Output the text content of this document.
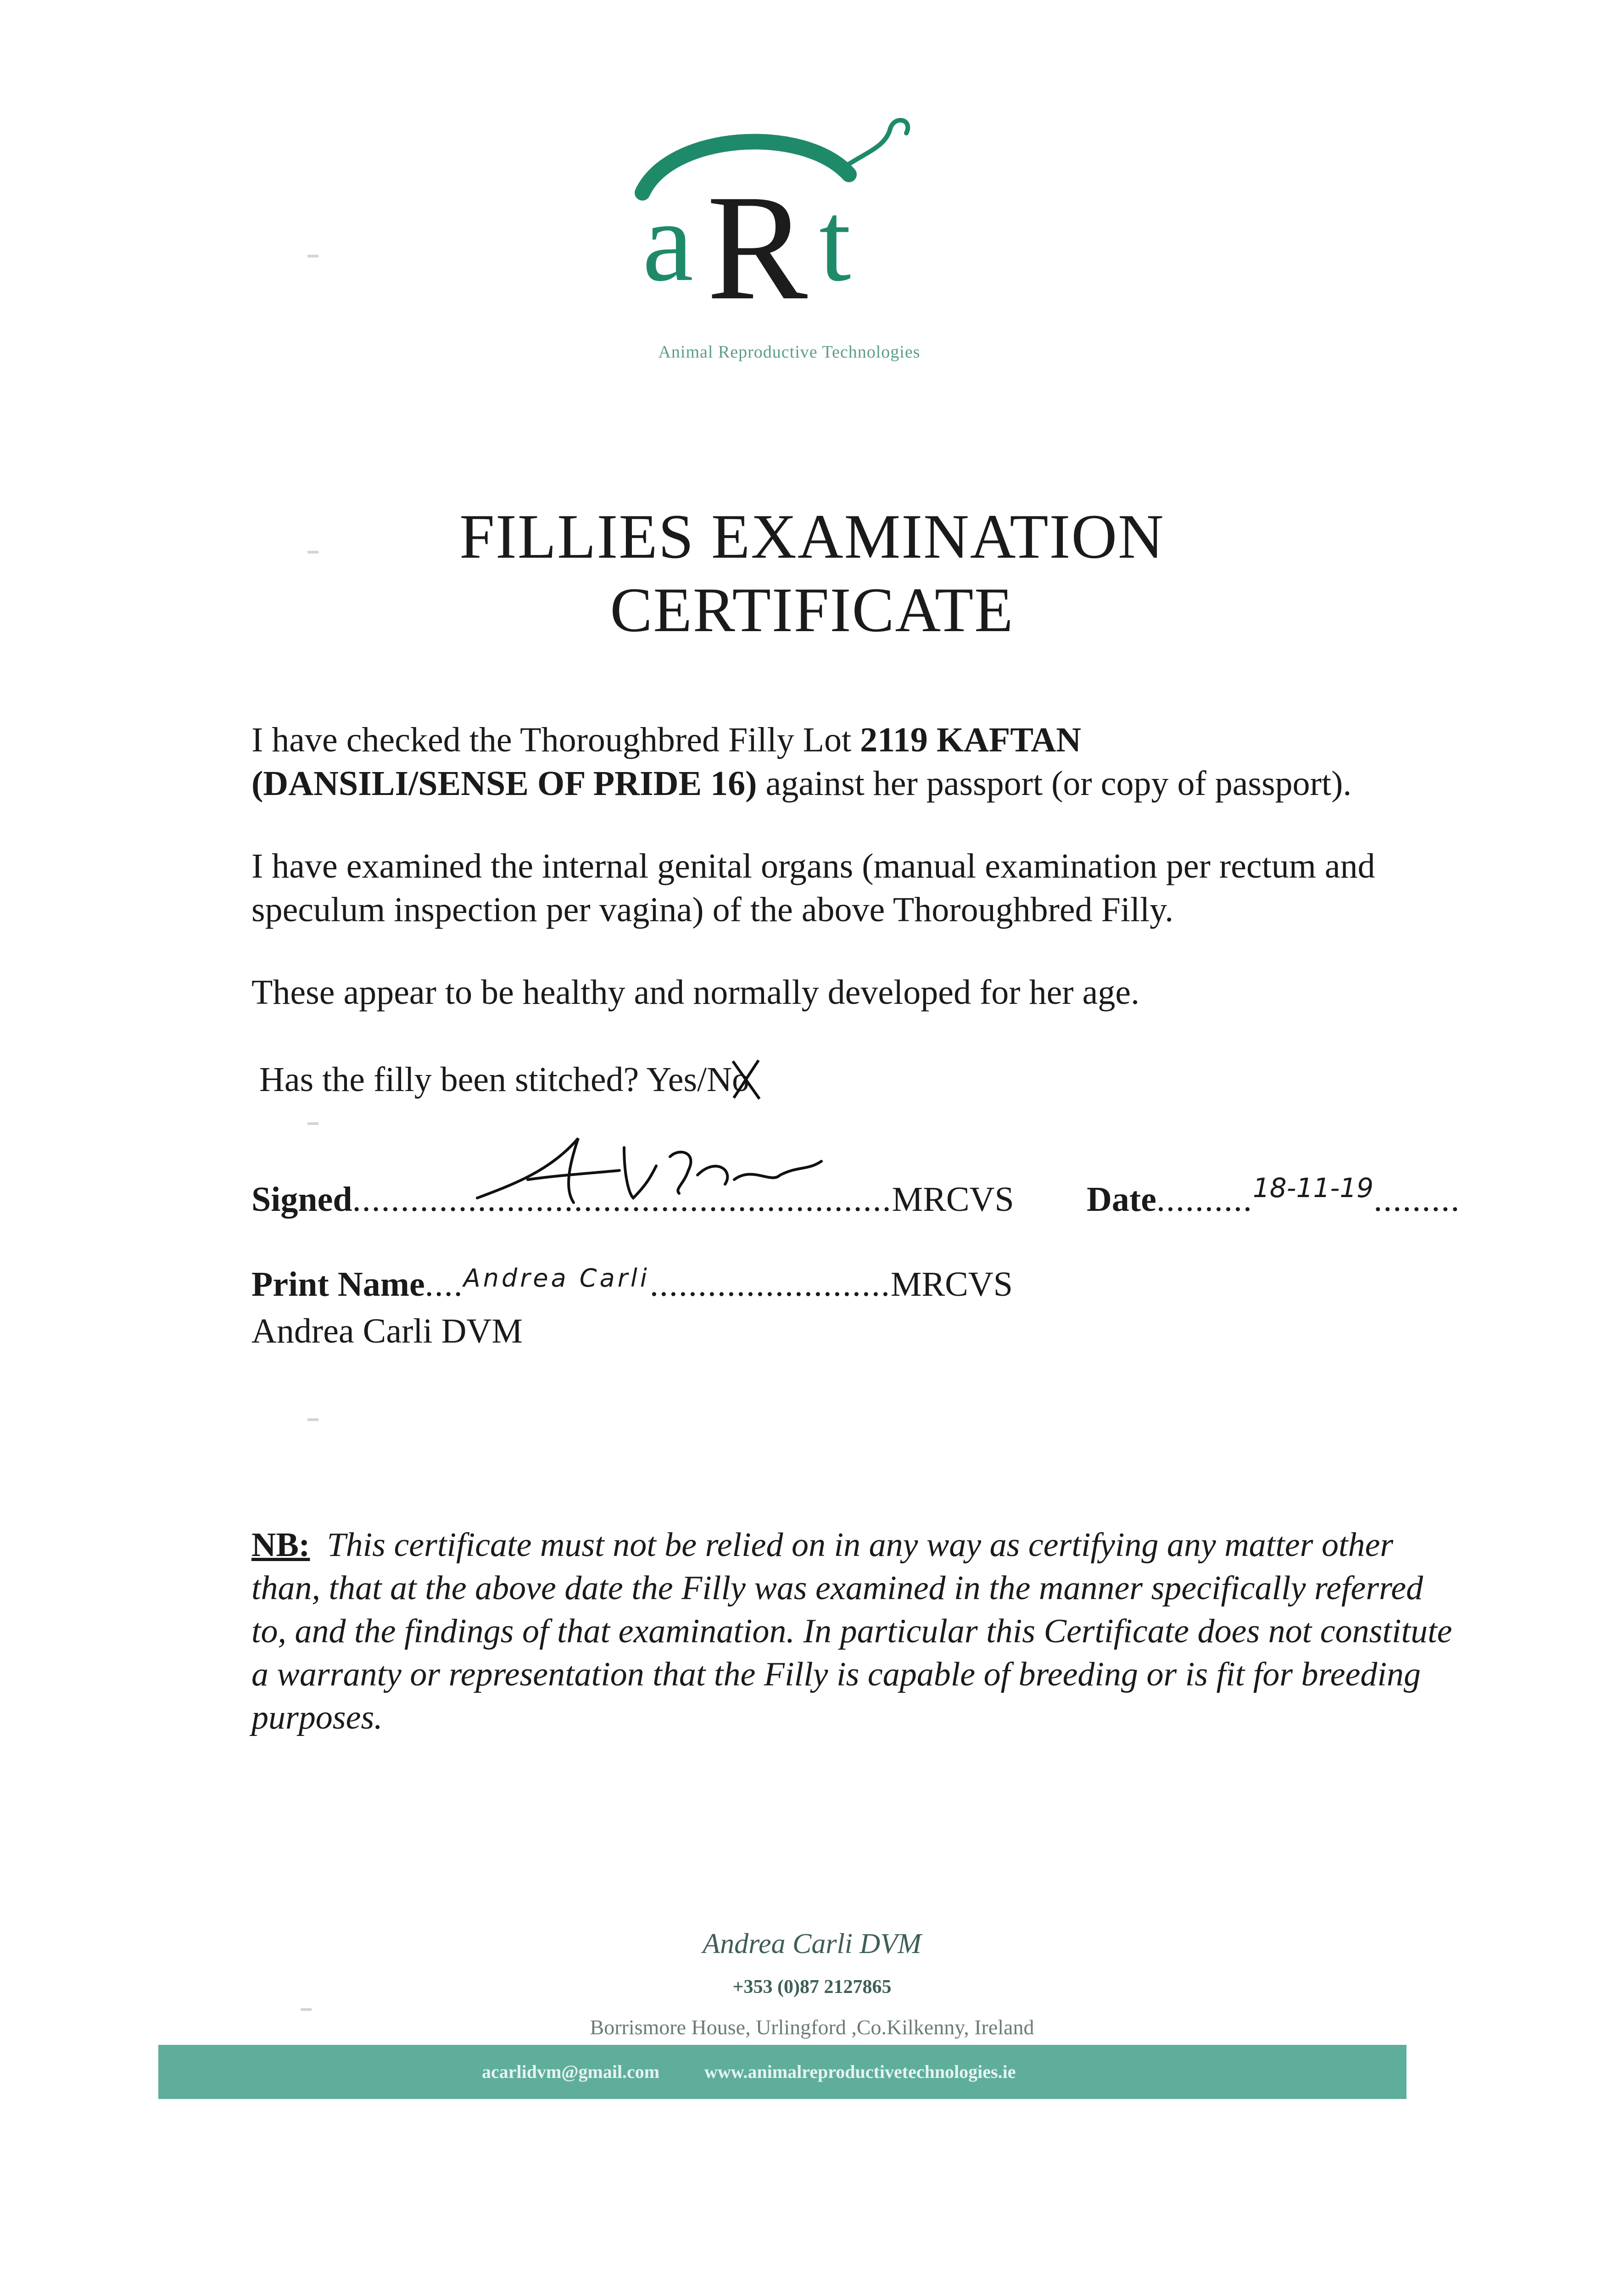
a R t
aRt
Animal Reproductive Technologies
FILLIES EXAMINATION
CERTIFICATE
I have checked the Thoroughbred Filly Lot 2119 KAFTAN
(DANSILI/SENSE OF PRIDE 16) against her passport (or copy of passport).
I have examined the internal genital organs (manual examination per rectum and speculum inspection per vagina) of the above Thoroughbred Filly.
These appear to be healthy and normally developed for her age.
Has the filly been stitched? Yes/No
Signed........................................................MRCVS Date..........$^{18-11-19}$.........
Print Name....$^{Andrea Carli}$.........................MRCVS
Andrea Carli DVM
NB: This certificate must not be relied on in any way as certifying any matter other than, that at the above date the Filly was examined in the manner specifically referred to, and the findings of that examination. In particular this Certificate does not constitute a warranty or representation that the Filly is capable of breeding or is fit for breeding purposes.
Andrea Carli DVM
+353 (0)87 2127865
Borrismore House, Urlingford ,Co.Kilkenny, Ireland
acarlidvm@gmail.com www.animalreproductivetechnologies.ie
